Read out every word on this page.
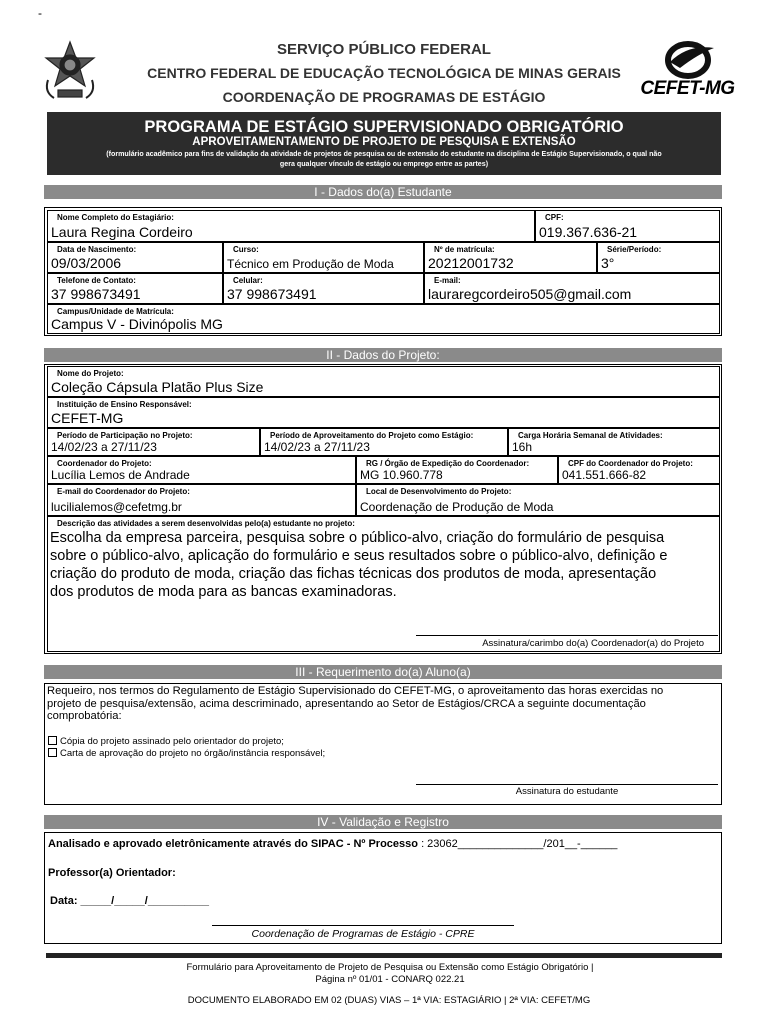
-
SERVIÇO PÚBLICO FEDERAL
CENTRO FEDERAL DE EDUCAÇÃO TECNOLÓGICA DE MINAS GERAIS
COORDENAÇÃO DE PROGRAMAS DE ESTÁGIO	CEFET-MG
PROGRAMA DE ESTÁGIO SUPERVISIONADO OBRIGATÓRIO
APROVEITAMENTAMENTO DE PROJETO DE PESQUISA E EXTENSÃO
(formulário acadêmico para fins de validação da atividade de projetos de pesquisa ou de extensão do estudante na disciplina de Estágio Supervisionado, o qual não
gera qualquer vínculo de estágio ou emprego entre as partes)
I - Dados do(a) Estudante
Nome Completo do Estagiário:
Laura Regina Cordeiro
CPF:
019.367.636-21
Data de Nascimento:
09/03/2006
Curso:
Técnico em Produção de Moda
Nº de matrícula:
20212001732
Série/Período:
3°
Telefone de Contato:
37 998673491
Celular:
37 998673491
E-mail:
lauraregcordeiro505@gmail.com
Campus/Unidade de Matrícula:
Campus V - Divinópolis MG
II - Dados do Projeto:
Nome do Projeto:
Coleção Cápsula Platão Plus Size
Instituição de Ensino Responsável:
CEFET-MG
Período de Participação no Projeto:
14/02/23 a 27/11/23
Período de Aproveitamento do Projeto como Estágio:
14/02/23 a 27/11/23
Carga Horária Semanal de Atividades:
16h
Coordenador do Projeto:
Lucília Lemos de Andrade
RG / Órgão de Expedição do Coordenador:
MG 10.960.778
CPF do Coordenador do Projeto:
041.551.666-82
E-mail do Coordenador do Projeto:
lucilialemos@cefetmg.br
Local de Desenvolvimento do Projeto:
Coordenação de Produção de Moda
Descrição das atividades a serem desenvolvidas pelo(a) estudante no projeto:
Escolha da empresa parceira, pesquisa sobre o público-alvo, criação do formulário de pesquisa
sobre o público-alvo, aplicação do formulário e seus resultados sobre o público-alvo, definição e
criação do produto de moda, criação das fichas técnicas dos produtos de moda, apresentação
dos produtos de moda para as bancas examinadoras.
Assinatura/carimbo do(a) Coordenador(a) do Projeto
III - Requerimento do(a) Aluno(a)
Requeiro, nos termos do Regulamento de Estágio Supervisionado do CEFET-MG, o aproveitamento das horas exercidas no
projeto de pesquisa/extensão, acima descriminado, apresentando ao Setor de Estágios/CRCA a seguinte documentação
comprobatória:
Cópia do projeto assinado pelo orientador do projeto;
Carta de aprovação do projeto no órgão/instância responsável;
Assinatura do estudante
IV - Validação e Registro
Analisado e aprovado eletrônicamente através do SIPAC - Nº Processo : 23062______________/201__-______
Professor(a) Orientador:
Data: _____/_____/__________
Coordenação de Programas de Estágio - CPRE
Formulário para Aproveitamento de Projeto de Pesquisa ou Extensão como Estágio Obrigatório |
Página nº 01/01 - CONARQ 022.21
DOCUMENTO ELABORADO EM 02 (DUAS) VIAS – 1ª VIA: ESTAGIÁRIO | 2ª VIA: CEFET/MG
